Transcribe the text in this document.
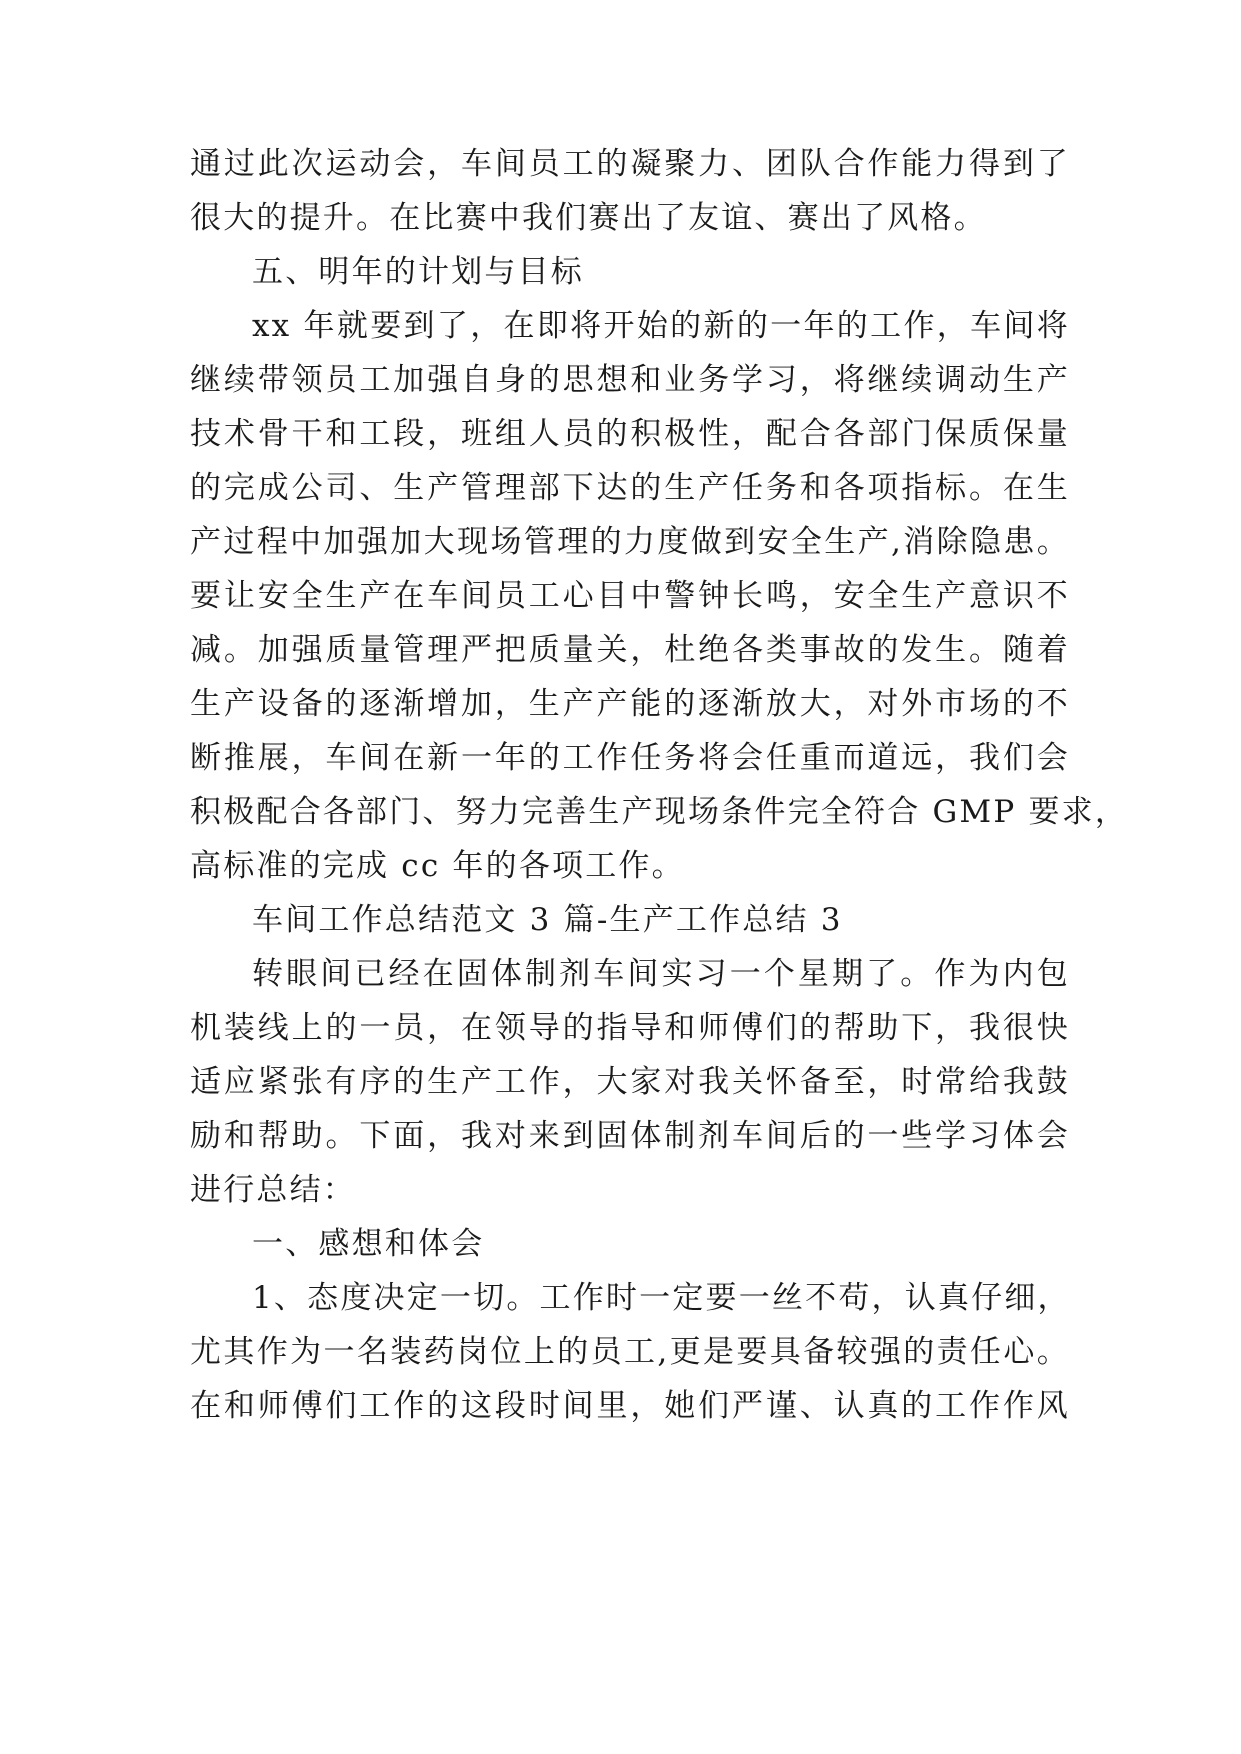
通过此次运动会，车间员工的凝聚力、团队合作能力得到了
很大的提升。在比赛中我们赛出了友谊、赛出了风格。
五、明年的计划与目标
xx 年就要到了，在即将开始的新的一年的工作，车间将
继续带领员工加强自身的思想和业务学习，将继续调动生产
技术骨干和工段，班组人员的积极性，配合各部门保质保量
的完成公司、生产管理部下达的生产任务和各项指标。在生
产过程中加强加大现场管理的力度做到安全生产,消除隐患。
要让安全生产在车间员工心目中警钟长鸣，安全生产意识不
减。加强质量管理严把质量关，杜绝各类事故的发生。随着
生产设备的逐渐增加，生产产能的逐渐放大，对外市场的不
断推展，车间在新一年的工作任务将会任重而道远，我们会
积极配合各部门、努力完善生产现场条件完全符合 GMP 要求，
高标准的完成 cc 年的各项工作。
车间工作总结范文 3 篇-生产工作总结 3
转眼间已经在固体制剂车间实习一个星期了。作为内包
机装线上的一员，在领导的指导和师傅们的帮助下，我很快
适应紧张有序的生产工作，大家对我关怀备至，时常给我鼓
励和帮助。下面，我对来到固体制剂车间后的一些学习体会
进行总结：
一、感想和体会
1、态度决定一切。工作时一定要一丝不苟，认真仔细，
尤其作为一名装药岗位上的员工,更是要具备较强的责任心。
在和师傅们工作的这段时间里，她们严谨、认真的工作作风
